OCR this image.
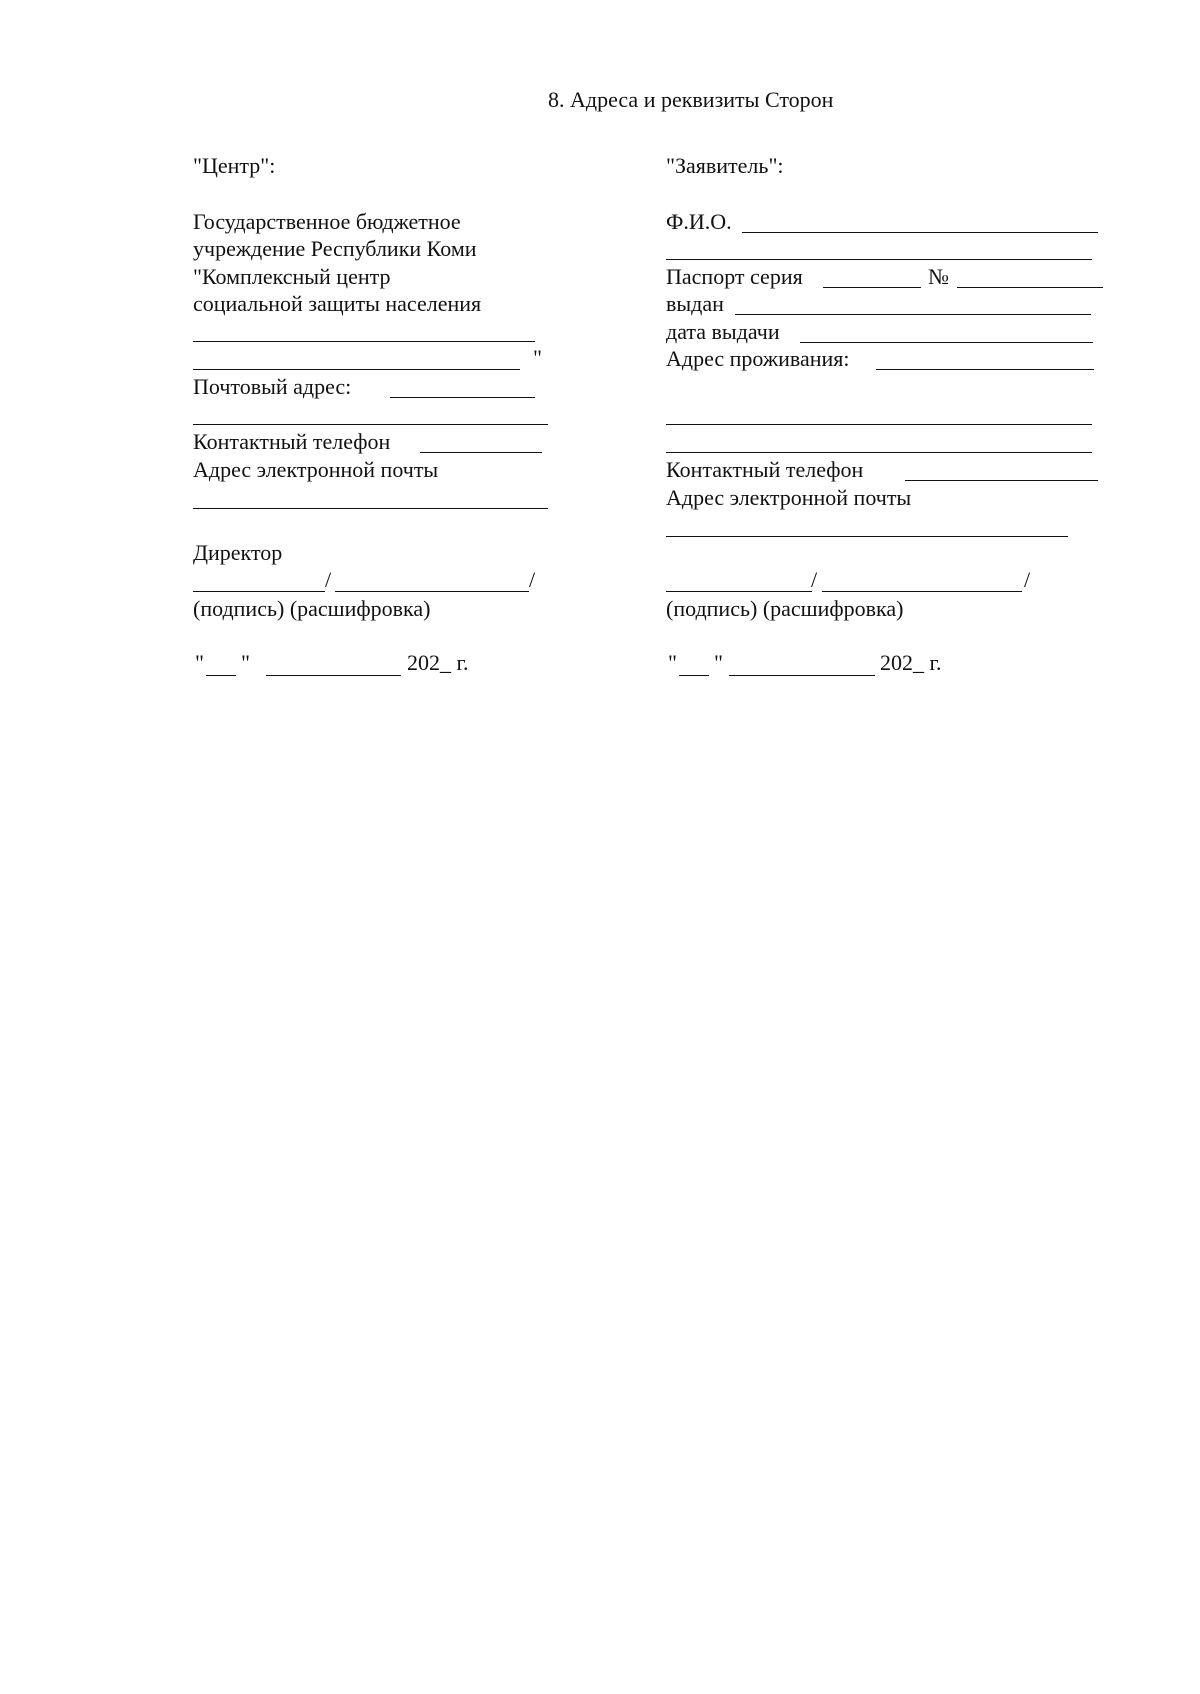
8. Адреса и реквизиты Сторон
"Центр":
Государственное бюджетное
учреждение Республики Коми
"Комплексный центр
социальной защиты населения
"
Почтовый адрес:
Контактный телефон
Адрес электронной почты
Директор
/	/
(подпись) (расшифровка)
" "	202_ г.
"Заявитель":
Ф.И.О.
Паспорт серия	№
выдан
дата выдачи
Адрес проживания:
Контактный телефон
Адрес электронной почты
/	/
(подпись) (расшифровка)
" "	202_ г.
